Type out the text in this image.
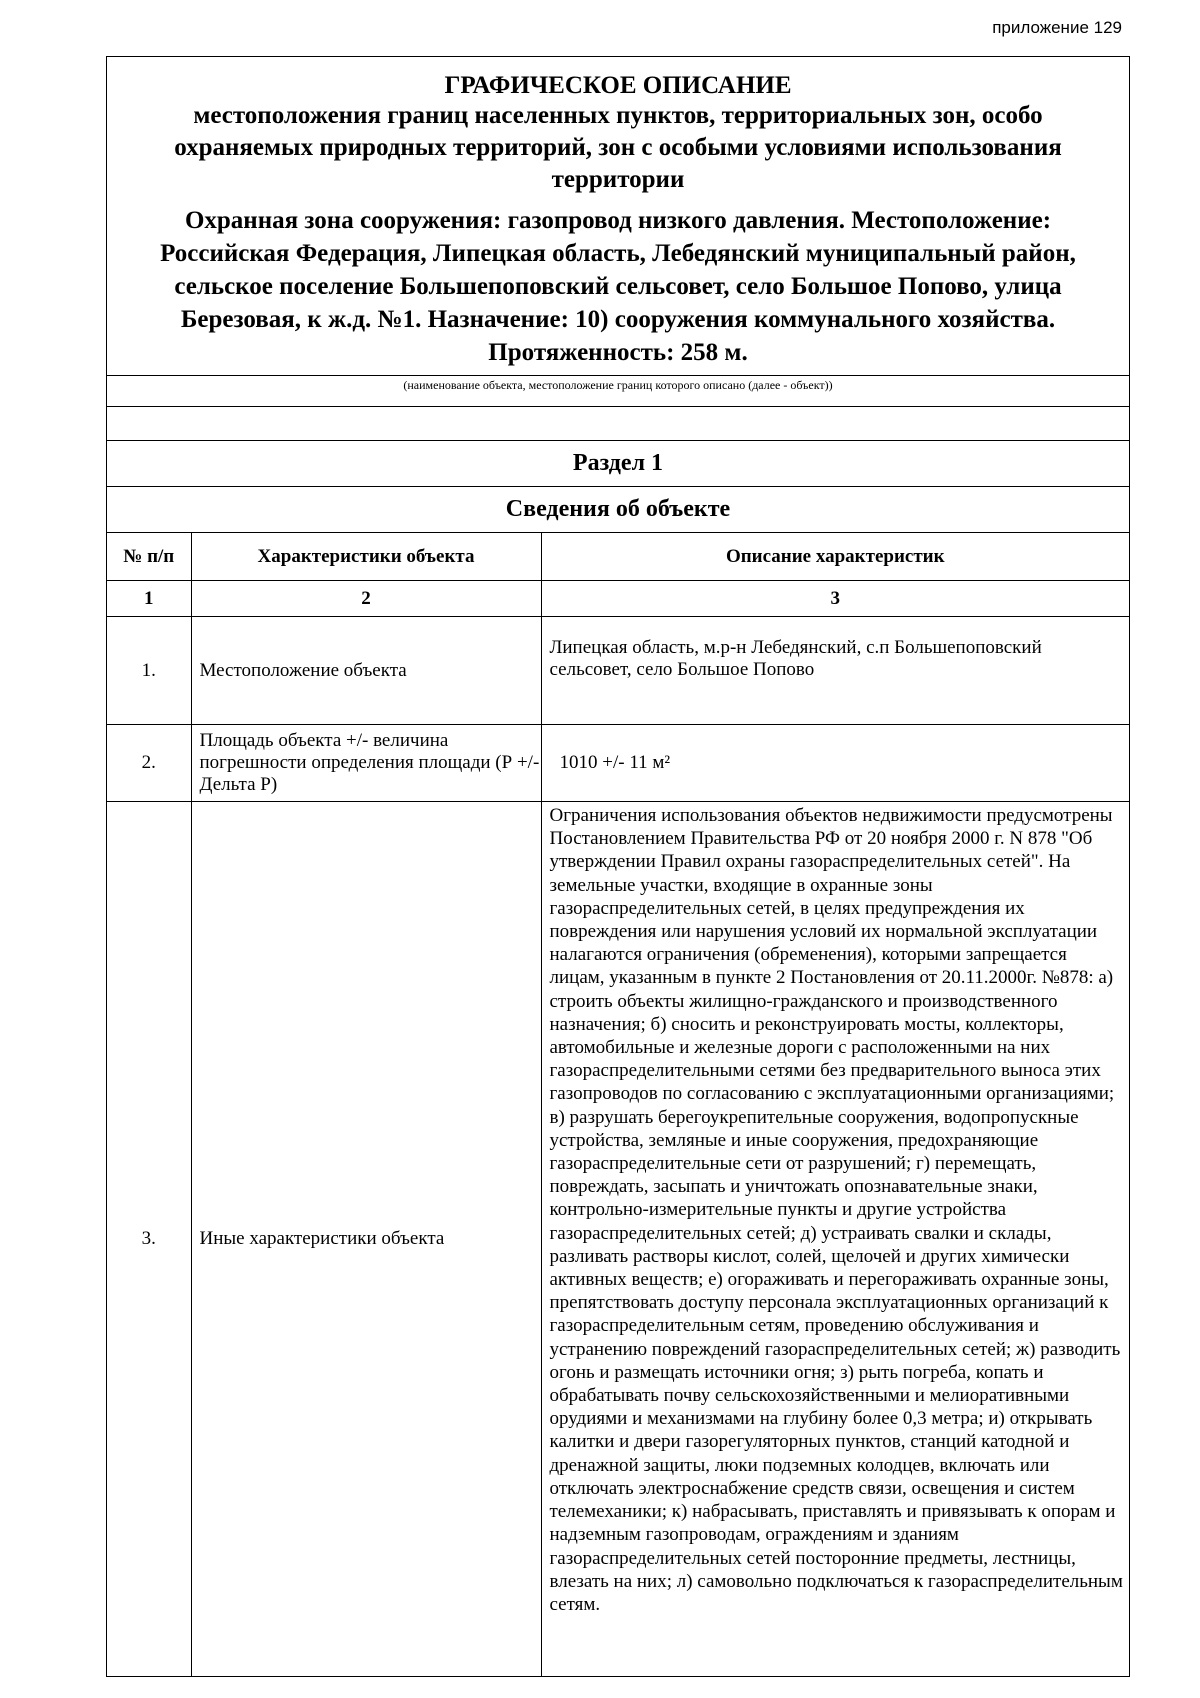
приложение 129
ГРАФИЧЕСКОЕ ОПИСАНИЕ
местоположения границ населенных пунктов, территориальных зон, особо охраняемых природных территорий, зон с особыми условиями использования территории
Охранная зона сооружения: газопровод низкого давления. Местоположение: Российская Федерация, Липецкая область, Лебедянский муниципальный район, сельское поселение Большепоповский сельсовет, село Большое Попово, улица Березовая, к ж.д. №1. Назначение: 10) сооружения коммунального хозяйства. Протяженность: 258 м.
(наименование объекта, местоположение границ которого описано (далее - объект))
Раздел 1
Сведения об объекте
№ п/п	Характеристики объекта	Описание характеристик
1	2	3
1.	Местоположение объекта	Липецкая область, м.р-н Лебедянский, с.п Большепоповский сельсовет, село Большое Попово
2.	Площадь объекта +/- величина погрешности определения площади (Р +/- Дельта Р)	1010 +/- 11 м²
3.	Иные характеристики объекта	Ограничения использования объектов недвижимости предусмотрены Постановлением Правительства РФ от 20 ноября 2000 г. N 878 "Об утверждении Правил охраны газораспределительных сетей". На земельные участки, входящие в охранные зоны газораспределительных сетей, в целях предупреждения их повреждения или нарушения условий их нормальной эксплуатации налагаются ограничения (обременения), которыми запрещается лицам, указанным в пункте 2 Постановления от 20.11.2000г. №878: а) строить объекты жилищно-гражданского и производственного назначения; б) сносить и реконструировать мосты, коллекторы, автомобильные и железные дороги с расположенными на них газораспределительными сетями без предварительного выноса этих газопроводов по согласованию с эксплуатационными организациями; в) разрушать берегоукрепительные сооружения, водопропускные устройства, земляные и иные сооружения, предохраняющие газораспределительные сети от разрушений; г) перемещать, повреждать, засыпать и уничтожать опознавательные знаки, контрольно-измерительные пункты и другие устройства газораспределительных сетей; д) устраивать свалки и склады, разливать растворы кислот, солей, щелочей и других химически активных веществ; е) огораживать и перегораживать охранные зоны, препятствовать доступу персонала эксплуатационных организаций к газораспределительным сетям, проведению обслуживания и устранению повреждений газораспределительных сетей; ж) разводить огонь и размещать источники огня; з) рыть погреба, копать и обрабатывать почву сельскохозяйственными и мелиоративными орудиями и механизмами на глубину более 0,3 метра; и) открывать калитки и двери газорегуляторных пунктов, станций катодной и дренажной защиты, люки подземных колодцев, включать или отключать электроснабжение средств связи, освещения и систем телемеханики; к) набрасывать, приставлять и привязывать к опорам и надземным газопроводам, ограждениям и зданиям газораспределительных сетей посторонние предметы, лестницы, влезать на них; л) самовольно подключаться к газораспределительным сетям.
